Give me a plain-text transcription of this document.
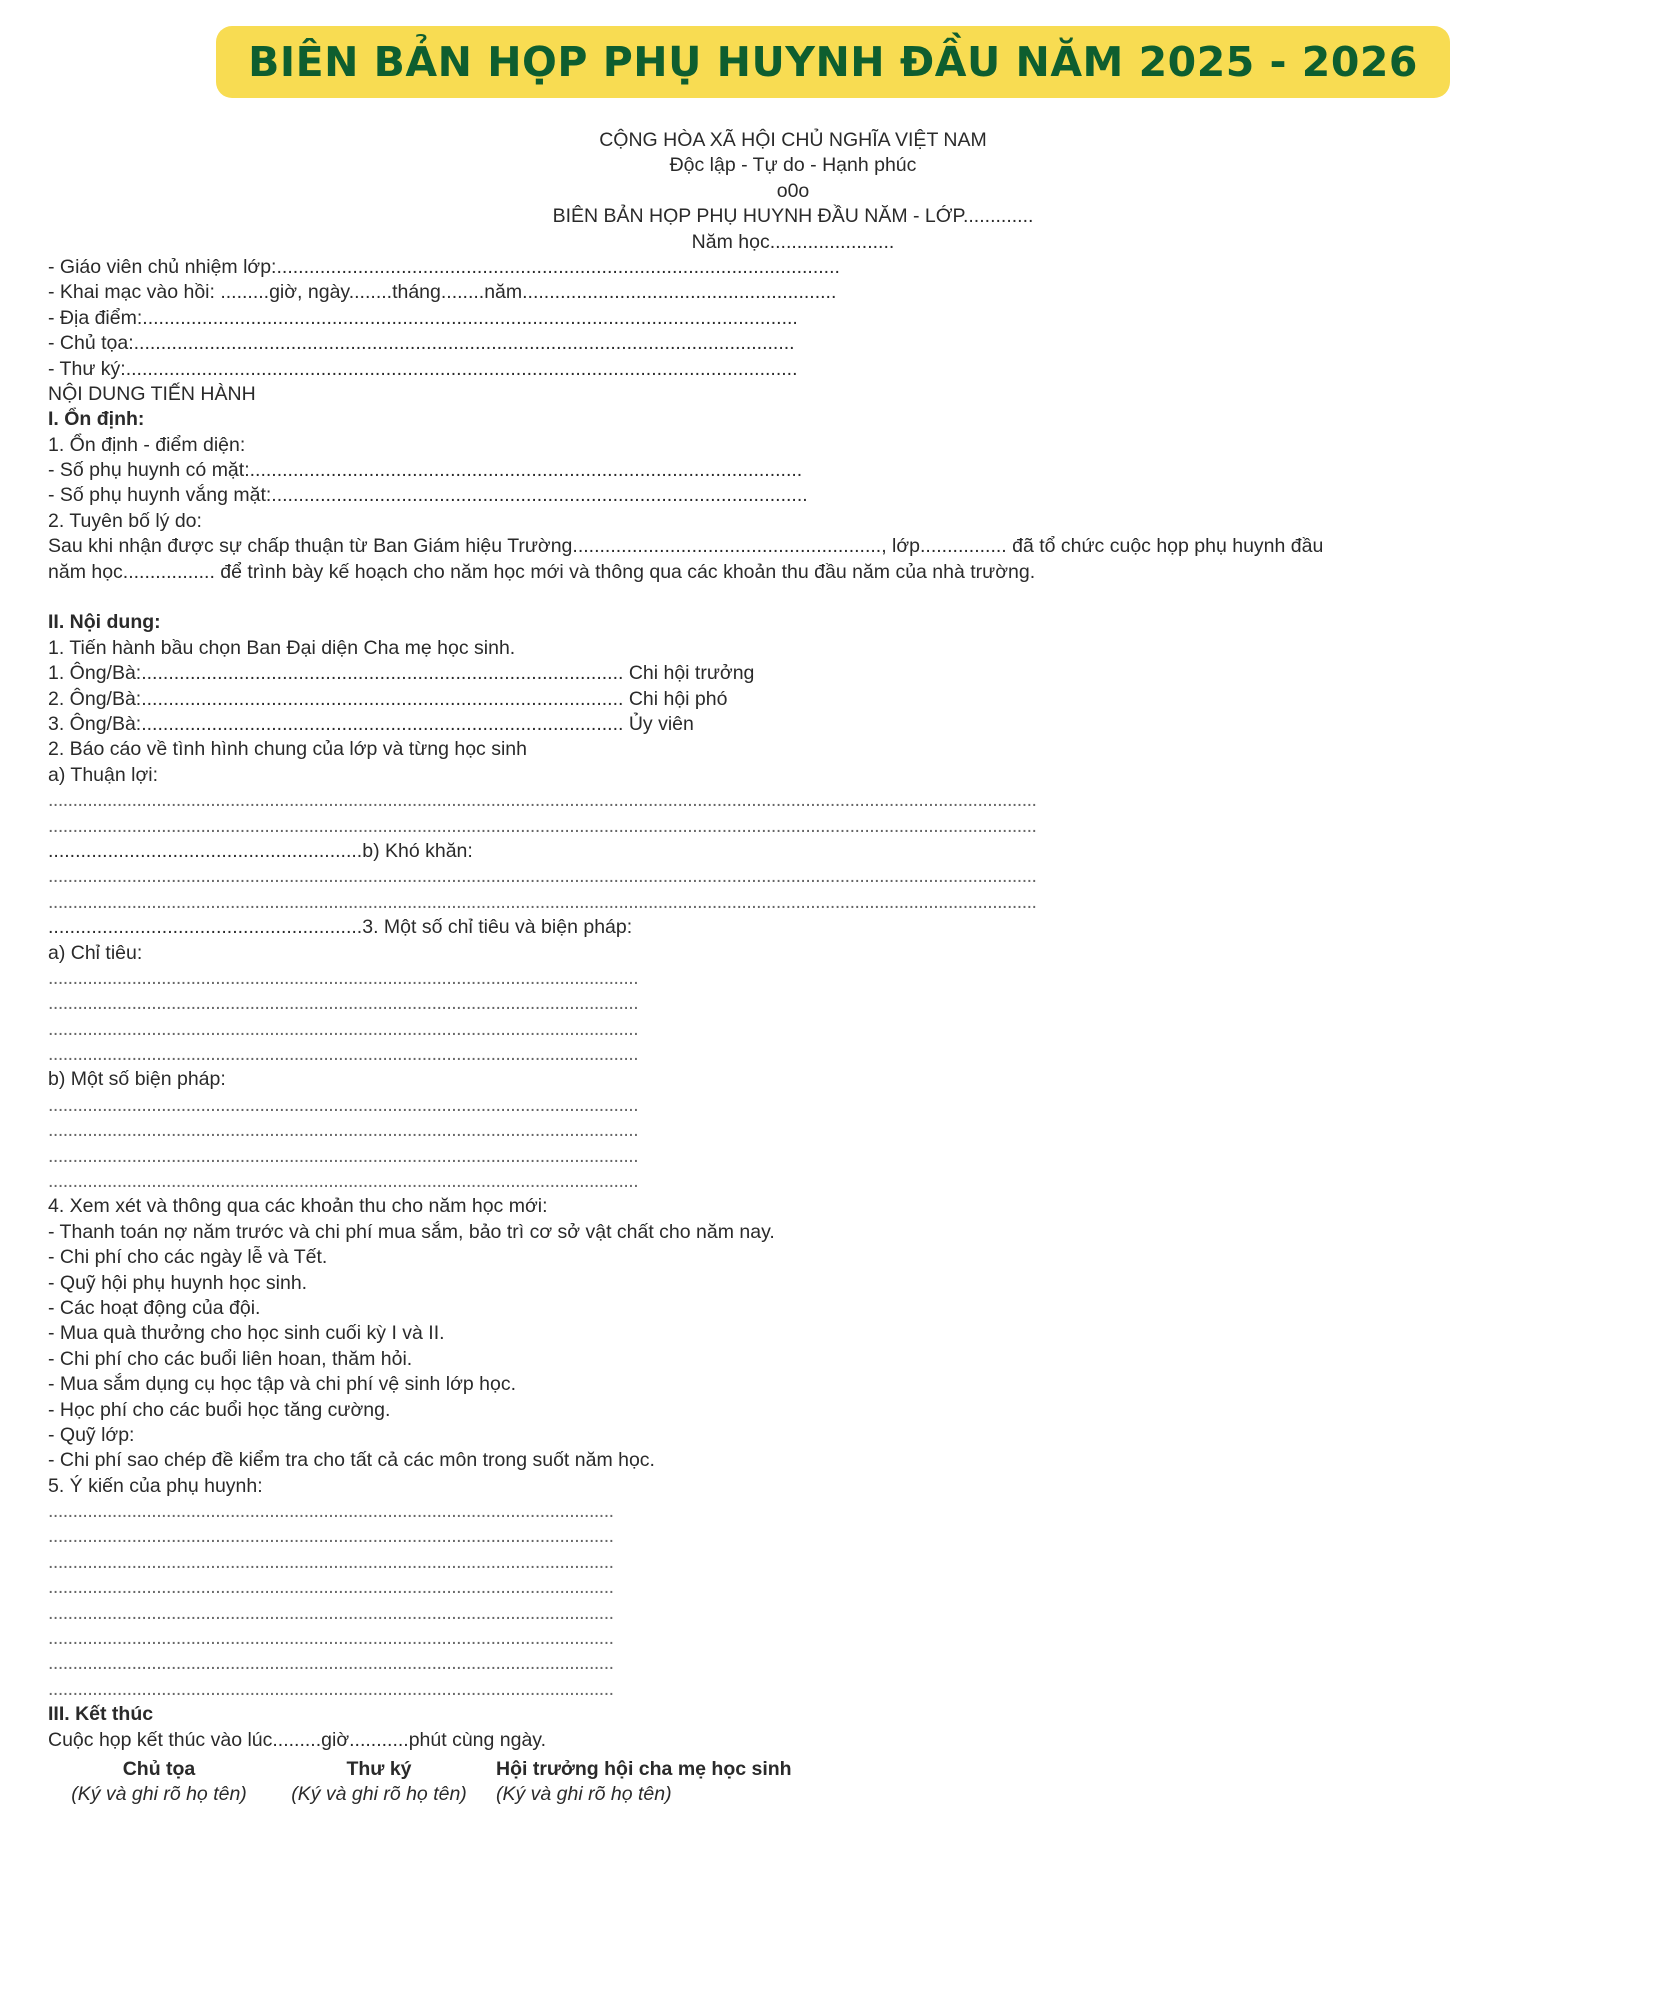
BIÊN BẢN HỌP PHỤ HUYNH ĐẦU NĂM 2025 - 2026
CỘNG HÒA XÃ HỘI CHỦ NGHĨA VIỆT NAM
Độc lập - Tự do - Hạnh phúc
o0o
BIÊN BẢN HỌP PHỤ HUYNH ĐẦU NĂM - LỚP.............
Năm học.......................
- Giáo viên chủ nhiệm lớp:........................................................................................................
- Khai mạc vào hồi: .........giờ, ngày........tháng........năm..........................................................
- Địa điểm:.........................................................................................................................
- Chủ tọa:..........................................................................................................................
- Thư ký:............................................................................................................................
NỘI DUNG TIẾN HÀNH
I. Ổn định:
1. Ổn định - điểm diện:
- Số phụ huynh có mặt:......................................................................................................
- Số phụ huynh vắng mặt:...................................................................................................
2. Tuyên bố lý do:
Sau khi nhận được sự chấp thuận từ Ban Giám hiệu Trường........................................................., lớp................ đã tổ chức cuộc họp phụ huynh đầu
năm học................. để trình bày kế hoạch cho năm học mới và thông qua các khoản thu đầu năm của nhà trường.
II. Nội dung:
1. Tiến hành bầu chọn Ban Đại diện Cha mẹ học sinh.
1. Ông/Bà:......................................................................................... Chi hội trưởng
2. Ông/Bà:......................................................................................... Chi hội phó
3. Ông/Bà:......................................................................................... Ủy viên
2. Báo cáo về tình hình chung của lớp và từng học sinh
a) Thuận lợi:
.........................................................................................................................................................................................................
.........................................................................................................................................................................................................
..........................................................b) Khó khăn:
.........................................................................................................................................................................................................
.........................................................................................................................................................................................................
..........................................................3. Một số chỉ tiêu và biện pháp:
a) Chỉ tiêu:
........................................................................................................................
........................................................................................................................
........................................................................................................................
........................................................................................................................
b) Một số biện pháp:
........................................................................................................................
........................................................................................................................
........................................................................................................................
........................................................................................................................
4. Xem xét và thông qua các khoản thu cho năm học mới:
- Thanh toán nợ năm trước và chi phí mua sắm, bảo trì cơ sở vật chất cho năm nay.
- Chi phí cho các ngày lễ và Tết.
- Quỹ hội phụ huynh học sinh.
- Các hoạt động của đội.
- Mua quà thưởng cho học sinh cuối kỳ I và II.
- Chi phí cho các buổi liên hoan, thăm hỏi.
- Mua sắm dụng cụ học tập và chi phí vệ sinh lớp học.
- Học phí cho các buổi học tăng cường.
- Quỹ lớp:
- Chi phí sao chép đề kiểm tra cho tất cả các môn trong suốt năm học.
5. Ý kiến của phụ huynh:
...................................................................................................................
...................................................................................................................
...................................................................................................................
...................................................................................................................
...................................................................................................................
...................................................................................................................
...................................................................................................................
...................................................................................................................
III. Kết thúc
Cuộc họp kết thúc vào lúc.........giờ...........phút cùng ngày.
Chủ tọa	Thư ký	Hội trưởng hội cha mẹ học sinh
(Ký và ghi rõ họ tên)	(Ký và ghi rõ họ tên)	(Ký và ghi rõ họ tên)
